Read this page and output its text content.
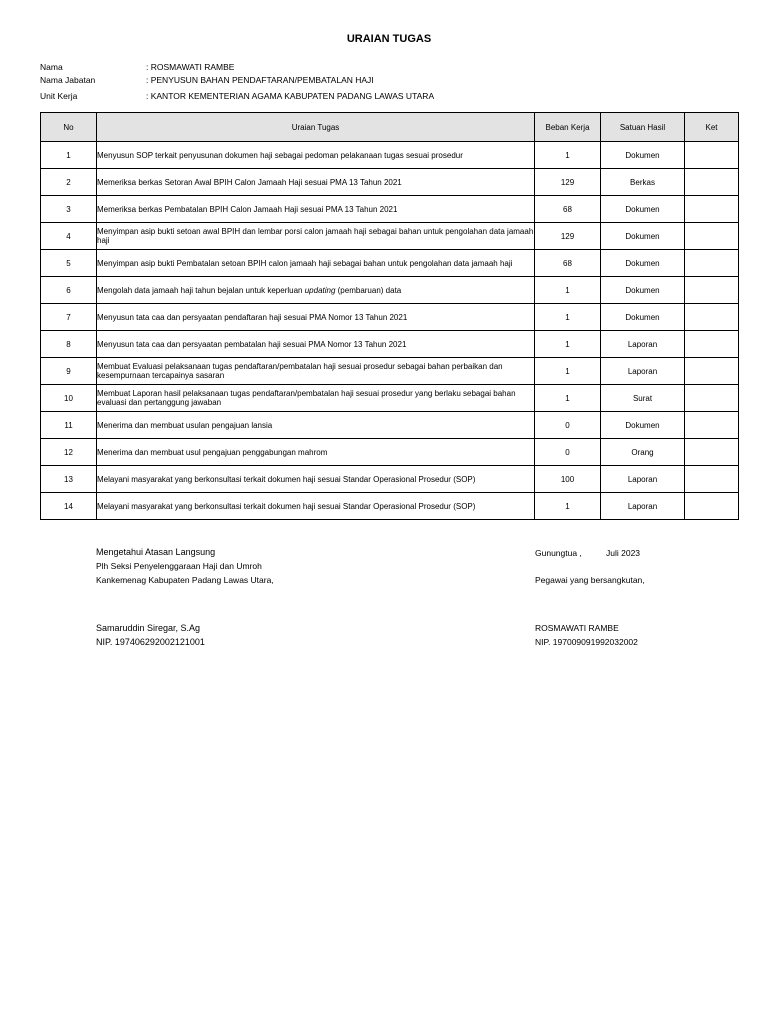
URAIAN TUGAS
Nama	: ROSMAWATI RAMBE
Nama Jabatan	: PENYUSUN BAHAN PENDAFTARAN/PEMBATALAN HAJI
Unit Kerja	: KANTOR KEMENTERIAN AGAMA KABUPATEN PADANG LAWAS UTARA
No	Uraian Tugas	Beban Kerja	Satuan Hasil	Ket
1	Menyusun SOP terkait penyusunan dokumen haji sebagai pedoman pelakanaan tugas sesuai prosedur	1	Dokumen	
2	Memeriksa berkas Setoran Awal BPIH Calon Jamaah Haji sesuai PMA 13 Tahun 2021	129	Berkas	
3	Memeriksa berkas Pembatalan BPIH Calon Jamaah Haji sesuai PMA 13 Tahun 2021	68	Dokumen	
4	Menyimpan asip bukti setoan awal BPIH dan lembar porsi calon jamaah haji sebagai bahan untuk pengolahan data jamaah haji	129	Dokumen	
5	Menyimpan asip bukti Pembatalan setoan BPIH calon jamaah haji sebagai bahan untuk pengolahan data jamaah haji	68	Dokumen	
6	Mengolah data jamaah haji tahun bejalan untuk keperluan updating (pembaruan) data	1	Dokumen	
7	Menyusun tata caa dan persyaatan pendaftaran haji sesuai PMA Nomor 13 Tahun 2021	1	Dokumen	
8	Menyusun tata caa dan persyaatan pembatalan haji sesuai PMA Nomor 13 Tahun 2021	1	Laporan	
9	Membuat Evaluasi pelaksanaan tugas pendaftaran/pembatalan haji sesuai prosedur sebagai bahan perbaikan dan kesempurnaan tercapainya sasaran	1	Laporan	
10	Membuat Laporan hasil pelaksanaan tugas pendaftaran/pembatalan haji sesuai prosedur yang berlaku sebagai bahan evaluasi dan pertanggung jawaban	1	Surat	
11	Menerima dan membuat usulan pengajuan lansia	0	Dokumen	
12	Menerima dan membuat usul pengajuan penggabungan mahrom	0	Orang	
13	Melayani masyarakat yang berkonsultasi terkait dokumen haji sesuai Standar Operasional Prosedur (SOP)	100	Laporan	
14	Melayani masyarakat yang berkonsultasi terkait dokumen haji sesuai Standar Operasional Prosedur (SOP)	1	Laporan	
Mengetahui Atasan Langsung
Plh Seksi Penyelenggaraan Haji dan Umroh
Kankemenag Kabupaten Padang Lawas Utara,
Samaruddin Siregar, S.Ag
NIP. 197406292002121001
Gunungtua ,	Juli 2023
Pegawai yang bersangkutan,
ROSMAWATI RAMBE
NIP. 197009091992032002
